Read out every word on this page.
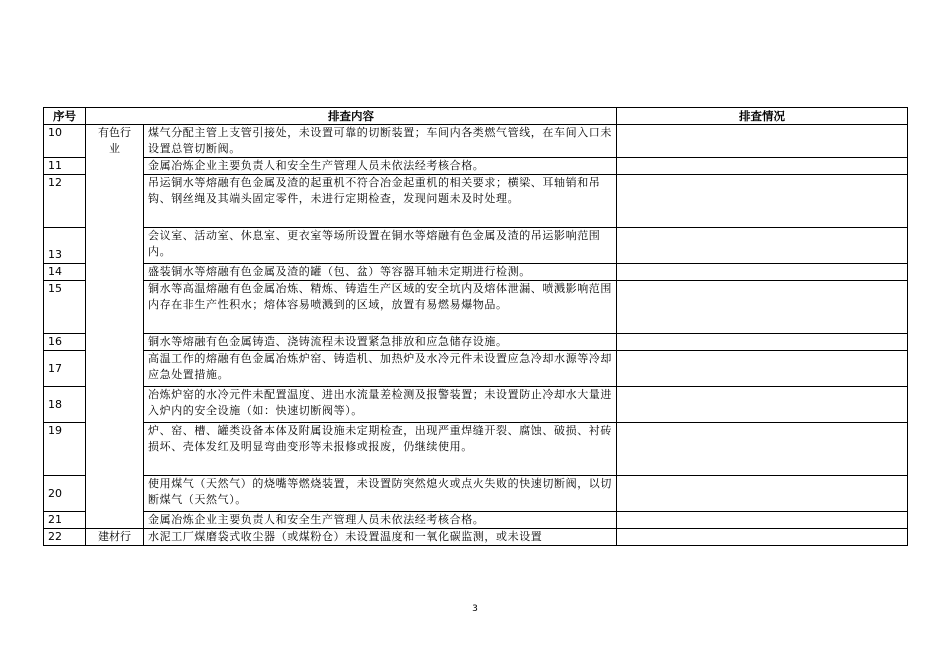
序号	排查内容		排查情况
10	有色行业	煤气分配主管上支管引接处，未设置可靠的切断装置；车间内各类燃气管线，在车间入口未设置总管切断阀。	
11		金属冶炼企业主要负责人和安全生产管理人员未依法经考核合格。	
12		吊运铜水等熔融有色金属及渣的起重机不符合冶金起重机的相关要求；横梁、耳轴销和吊钩、钢丝绳及其端头固定零件，未进行定期检查，发现问题未及时处理。	
13		会议室、活动室、休息室、更衣室等场所设置在铜水等熔融有色金属及渣的吊运影响范围内。	
14		盛装铜水等熔融有色金属及渣的罐（包、盆）等容器耳轴未定期进行检测。	
15		铜水等高温熔融有色金属冶炼、精炼、铸造生产区域的安全坑内及熔体泄漏、喷溅影响范围内存在非生产性积水；熔体容易喷溅到的区域，放置有易燃易爆物品。	
16		铜水等熔融有色金属铸造、浇铸流程未设置紧急排放和应急储存设施。	
17		高温工作的熔融有色金属冶炼炉窑、铸造机、加热炉及水冷元件未设置应急冷却水源等冷却应急处置措施。	
18		冶炼炉窑的水冷元件未配置温度、进出水流量差检测及报警装置；未设置防止冷却水大量进入炉内的安全设施（如：快速切断阀等）。	
19		炉、窑、槽、罐类设备本体及附属设施未定期检查，出现严重焊缝开裂、腐蚀、破损、衬砖损坏、壳体发红及明显弯曲变形等未报修或报废，仍继续使用。	
20		使用煤气（天然气）的烧嘴等燃烧装置，未设置防突然熄火或点火失败的快速切断阀，以切断煤气（天然气）。	
21		金属冶炼企业主要负责人和安全生产管理人员未依法经考核合格。	
22	建材行	水泥工厂煤磨袋式收尘器（或煤粉仓）未设置温度和一氧化碳监测，或未设置	
3
